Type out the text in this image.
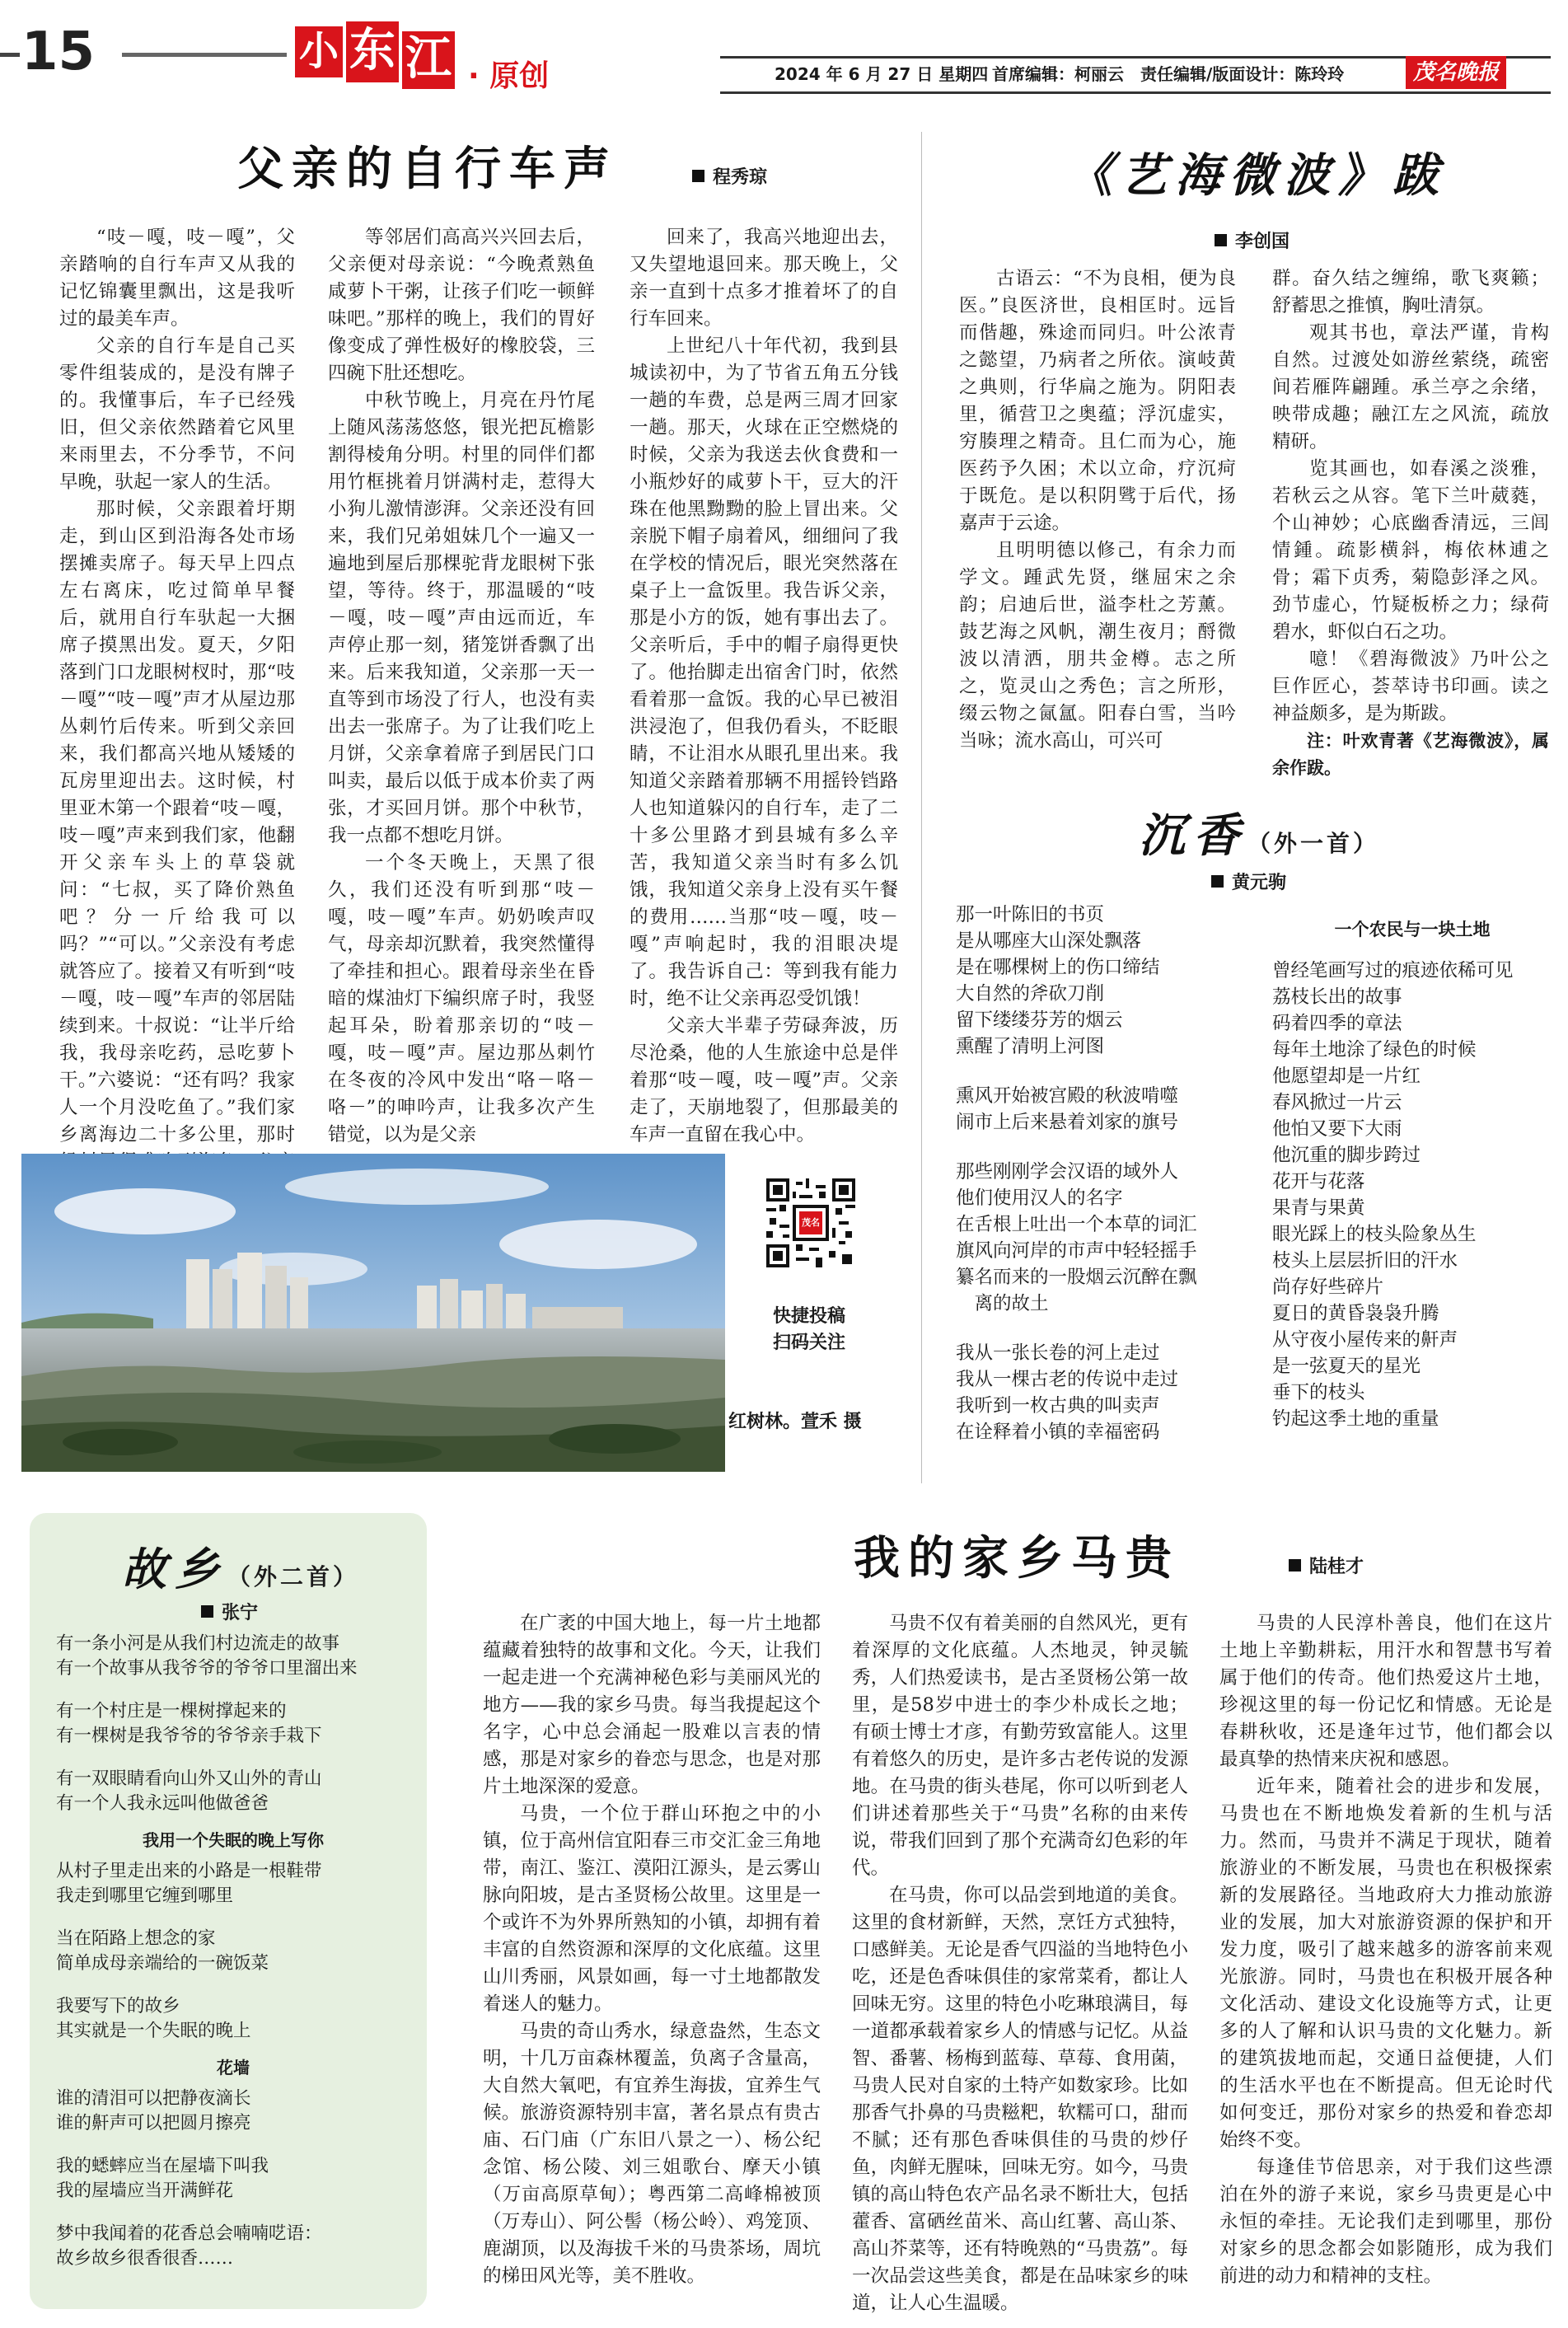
15	小 东 江 · 原创	2024 年 6 月 27 日 星期四 首席编辑：柯丽云　责任编辑/版面设计：陈玲玲	茂名晚报
父亲的自行车声	程秀琼

“吱－嘎，吱－嘎”，父亲踏响的自行车声又从我的记忆锦囊里飘出，这是我听过的最美车声。

父亲的自行车是自己买零件组装成的，是没有牌子的。我懂事后，车子已经残旧，但父亲依然踏着它风里来雨里去，不分季节，不问早晚，驮起一家人的生活。

那时候，父亲跟着圩期走，到山区到沿海各处市场摆摊卖席子。每天早上四点左右离床，吃过简单早餐后，就用自行车驮起一大捆席子摸黑出发。夏天，夕阳落到门口龙眼树杈时，那“吱－嘎”“吱－嘎”声才从屋边那丛刺竹后传来。听到父亲回来，我们都高兴地从矮矮的瓦房里迎出去。这时候，村里亚木第一个跟着“吱－嘎，吱－嘎”声来到我们家，他翻开父亲车头上的草袋就问：“七叔，买了降价熟鱼吧？分一斤给我可以吗？”“可以。”父亲没有考虑就答应了。接着又有听到“吱－嘎，吱－嘎”车声的邻居陆续到来。十叔说：“让半斤给我，我母亲吃药，忌吃萝卜干。”六婆说：“还有吗？我家人一个月没吃鱼了。”我们家乡离海边二十多公里，那时

等邻居们高高兴兴回去后，父亲便对母亲说：“今晚煮熟鱼咸萝卜干粥，让孩子们吃一顿鲜味吧。”那样的晚上，我们的胃好像变成了弹性极好的橡胶袋，三四碗下肚还想吃。

中秋节晚上，月亮在丹竹尾上随风荡荡悠悠，银光把瓦檐影割得棱角分明。村里的同伴们都用竹框挑着月饼满村走，惹得大小狗儿激情澎湃。父亲还没有回来，我们兄弟姐妹几个一遍又一遍地到屋后那棵驼背龙眼树下张望，等待。终于，那温暖的“吱－嘎，吱－嘎”声由远而近，车声停止那一刻，猪笼饼香飘了出来。后来我知道，父亲那一天一直等到市场没了行人，也没有卖出去一张席子。为了让我们吃上月饼，父亲拿着席子到居民门口叫卖，最后以低于成本价卖了两张，才买回月饼。那个中秋节，我一点都不想吃月饼。

一个冬天晚上，天黑了很久，我们还没有听到那“吱－嘎，吱－嘎”车声。奶奶唉声叹气，母亲却沉默着，我突然懂得了牵挂和担心。跟着母亲坐在昏暗的煤油灯下编织席子时，我竖起耳朵，盼着那亲切的“吱－嘎，吱－嘎”声。屋边那丛刺竹在冬夜的冷风中发出“咯－咯－咯－”的呻吟声，让我多次产生错觉，以为是父亲

回来了，我高兴地迎出去，又失望地退回来。那天晚上，父亲一直到十点多才推着坏了的自行车回来。

上世纪八十年代初，我到县城读初中，为了节省五角五分钱一趟的车费，总是两三周才回家一趟。那天，火球在正空燃烧的时候，父亲为我送去伙食费和一小瓶炒好的咸萝卜干，豆大的汗珠在他黑黝黝的脸上冒出来。父亲脱下帽子扇着风，细细问了我在学校的情况后，眼光突然落在桌子上一盒饭里。我告诉父亲，那是小方的饭，她有事出去了。父亲听后，手中的帽子扇得更快了。他抬脚走出宿舍门时，依然看着那一盒饭。我的心早已被泪洪浸泡了，但我仍看头，不眨眼睛，不让泪水从眼孔里出来。我知道父亲踏着那辆不用摇铃铛路人也知道躲闪的自行车，走了二十多公里路才到县城有多么辛苦，我知道父亲当时有多么饥饿，我知道父亲身上没有买午餐的费用……当那“吱－嘎，吱－嘎”声响起时，我的泪眼决堤了。我告诉自己：等到我有能力时，绝不让父亲再忍受饥饿！

父亲大半辈子劳碌奔波，历尽沧桑，他的人生旅途中总是伴着那“吱－嘎，吱－嘎”声。父亲走了，天崩地裂了，但那最美的车声一直留在我心中。

《艺海微波》跋
李创国

古语云：“不为良相，便为良医。”良医济世，良相匡时。远旨而偕趣，殊途而同归。叶公浓青之懿望，乃病者之所依。演岐黄之典则，行华扁之施为。阴阳表里，循营卫之奥蕴；浮沉虚实，穷腠理之精奇。且仁而为心，施医药予久困；术以立命，疗沉疴于既危。是以积阴骘于后代，扬嘉声于云途。

且明明德以修己，有余力而学文。踵武先贤，继屈宋之余韵；启迪后世，溢李杜之芳薰。鼓艺海之风帆，潮生夜月；酹微波以清洒，朋共金樽。志之所之，览灵山之秀色；言之所形，缀云物之氤氲。阳春白雪，当吟当咏；流水高山，可兴可

群。奋久结之缠绵，歌飞爽籁；舒蓄思之推慎，胸吐清氛。

观其书也，章法严谨，肯构自然。过渡处如游丝萦绕，疏密间若雁阵翩踵。承兰亭之余绪，映带成趣；融江左之风流，疏放精研。

览其画也，如春溪之淡雅，若秋云之从容。笔下兰叶葳蕤，个山神妙；心底幽香清远，三闾情鍾。疏影横斜，梅依林逋之骨；霜下贞秀，菊隐彭泽之风。劲节虚心，竹疑板桥之力；绿荷碧水，虾似白石之功。

噫！《碧海微波》乃叶公之巨作匠心，荟萃诗书印画。读之神益颇多，是为斯跋。

注：叶欢青著《艺海微波》，属余作跋。

沉香（外一首）
黄元驹
那一叶陈旧的书页
是从哪座大山深处飘落
是在哪棵树上的伤口缔结
大自然的斧砍刀削
留下缕缕芬芳的烟云
熏醒了清明上河图
熏风开始被宫殿的秋波啃噬
闹市上后来悬着刘家的旗号
那些刚刚学会汉语的域外人
他们使用汉人的名字
在舌根上吐出一个本草的词汇
旗风向河岸的市声中轻轻摇手
纂名而来的一股烟云沉醉在飘
　离的故土
我从一张长卷的河上走过
我从一棵古老的传说中走过
我听到一枚古典的叫卖声
在诠释着小镇的幸福密码
一个农民与一块土地
曾经笔画写过的痕迹依稀可见
荔枝长出的故事
码着四季的章法
每年土地涂了绿色的时候
他愿望却是一片红
春风掀过一片云
他怕又要下大雨
他沉重的脚步跨过
花开与花落
果青与果黄
眼光踩上的枝头险象丛生
枝头上层层折旧的汗水
尚存好些碎片
夏日的黄昏袅袅升腾
从守夜小屋传来的鼾声
是一弦夏天的星光
垂下的枝头
钓起这季土地的重量
茂名
快捷投稿
扫码关注
红树林。萱禾 摄
故乡（外二首）
张宁
有一条小河是从我们村边流走的故事
有一个故事从我爷爷的爷爷口里溜出来
有一个村庄是一棵树撑起来的
有一棵树是我爷爷的爷爷亲手栽下
有一双眼睛看向山外又山外的青山
有一个人我永远叫他做爸爸
我用一个失眠的晚上写你
从村子里走出来的小路是一根鞋带
我走到哪里它缠到哪里
当在陌路上想念的家
简单成母亲端给的一碗饭菜
我要写下的故乡
其实就是一个失眠的晚上
花墙
谁的清泪可以把静夜滴长
谁的鼾声可以把圆月擦亮
我的蟋蟀应当在屋墙下叫我
我的屋墙应当开满鲜花
梦中我闻着的花香总会喃喃呓语：
故乡故乡很香很香……
我的家乡马贵	陆桂才

在广袤的中国大地上，每一片土地都蕴藏着独特的故事和文化。今天，让我们一起走进一个充满神秘色彩与美丽风光的地方——我的家乡马贵。每当我提起这个名字，心中总会涌起一股难以言表的情感，那是对家乡的眷恋与思念，也是对那片土地深深的爱意。

马贵，一个位于群山环抱之中的小镇，位于高州信宜阳春三市交汇金三角地带，南江、鉴江、漠阳江源头，是云雾山脉向阳坡，是古圣贤杨公故里。这里是一个或许不为外界所熟知的小镇，却拥有着丰富的自然资源和深厚的文化底蕴。这里山川秀丽，风景如画，每一寸土地都散发着迷人的魅力。

马贵的奇山秀水，绿意盎然，生态文明，十几万亩森林覆盖，负离子含量高，大自然大氧吧，有宜养生海拔，宜养生气候。旅游资源特别丰富，著名景点有贵古庙、石门庙（广东旧八景之一）、杨公纪念馆、杨公陵、刘三姐歌台、摩天小镇（万亩高原草甸）；粤西第二高峰棉被顶（万寿山）、阿公髻（杨公岭）、鸡笼顶、鹿湖顶，以及海拔千米的马贵茶场，周坑的梯田风光等，美不胜收。

马贵不仅有着美丽的自然风光，更有着深厚的文化底蕴。人杰地灵，钟灵毓秀，人们热爱读书，是古圣贤杨公第一故里，是58岁中进士的李少朴成长之地；有硕士博士才彦，有勤劳致富能人。这里有着悠久的历史，是许多古老传说的发源地。在马贵的街头巷尾，你可以听到老人们讲述着那些关于“马贵”名称的由来传说，带我们回到了那个充满奇幻色彩的年代。

在马贵，你可以品尝到地道的美食。这里的食材新鲜，天然，烹饪方式独特，口感鲜美。无论是香气四溢的当地特色小吃，还是色香味俱佳的家常菜肴，都让人回味无穷。这里的特色小吃琳琅满目，每一道都承载着家乡人的情感与记忆。从益智、番薯、杨梅到蓝莓、草莓、食用菌，马贵人民对自家的土特产如数家珍。比如那香气扑鼻的马贵糍粑，软糯可口，甜而不腻；还有那色香味俱佳的马贵的炒仔鱼，肉鲜无腥味，回味无穷。如今，马贵镇的高山特色农产品名录不断壮大，包括藿香、富硒丝苗米、高山红薯、高山茶、高山芥菜等，还有特晚熟的“马贵荔”。每一次品尝这些美食，都是在品味家乡的味道，让人心生温暖。

马贵的人民淳朴善良，他们在这片土地上辛勤耕耘，用汗水和智慧书写着属于他们的传奇。他们热爱这片土地，珍视这里的每一份记忆和情感。无论是春耕秋收，还是逢年过节，他们都会以最真挚的热情来庆祝和感恩。

近年来，随着社会的进步和发展，马贵也在不断地焕发着新的生机与活力。然而，马贵并不满足于现状，随着旅游业的不断发展，马贵也在积极探索新的发展路径。当地政府大力推动旅游业的发展，加大对旅游资源的保护和开发力度，吸引了越来越多的游客前来观光旅游。同时，马贵也在积极开展各种文化活动、建设文化设施等方式，让更多的人了解和认识马贵的文化魅力。新的建筑拔地而起，交通日益便捷，人们的生活水平也在不断提高。但无论时代如何变迁，那份对家乡的热爱和眷恋却始终不变。

每逢佳节倍思亲，对于我们这些漂泊在外的游子来说，家乡马贵更是心中永恒的牵挂。无论我们走到哪里，那份对家乡的思念都会如影随形，成为我们前进的动力和精神的支柱。
